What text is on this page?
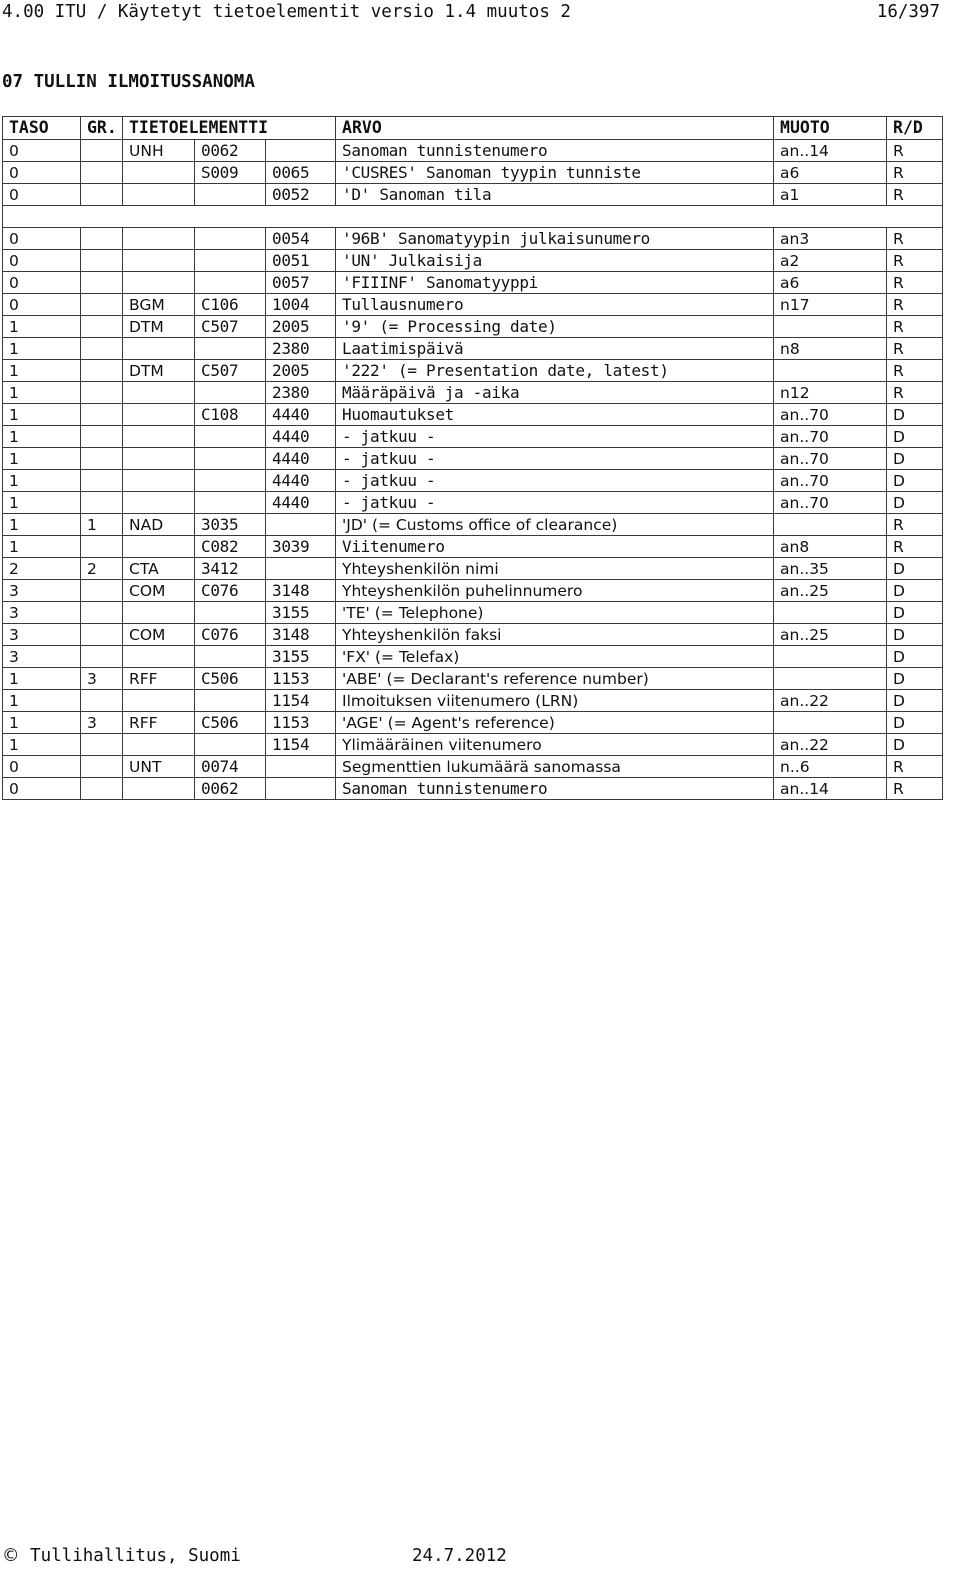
4.00 ITU / Käytetyt tietoelementit versio 1.4 muutos 2	16/397
07 TULLIN ILMOITUSSANOMA
TASO	GR.	TIETOELEMENTTI			ARVO	MUOTO	R/D
0		UNH	0062		Sanoman tunnistenumero	an..14	R
0			S009	0065	'CUSRES' Sanoman tyypin tunniste	a6	R
0				0052	'D' Sanoman tila	a1	R

0				0054	'96B' Sanomatyypin julkaisunumero	an3	R
0				0051	'UN' Julkaisija	a2	R
0				0057	'FIIINF' Sanomatyyppi	a6	R
0		BGM	C106	1004	Tullausnumero	n17	R
1		DTM	C507	2005	'9' (= Processing date)		R
1				2380	Laatimispäivä	n8	R
1		DTM	C507	2005	'222' (= Presentation date, latest)		R
1				2380	Määräpäivä ja -aika	n12	R
1			C108	4440	Huomautukset	an..70	D
1				4440	- jatkuu -	an..70	D
1				4440	- jatkuu -	an..70	D
1				4440	- jatkuu -	an..70	D
1				4440	- jatkuu -	an..70	D
1	1	NAD	3035		'JD' (= Customs office of clearance)		R
1			C082	3039	Viitenumero	an8	R
2	2	CTA	3412		Yhteyshenkilön nimi	an..35	D
3		COM	C076	3148	Yhteyshenkilön puhelinnumero	an..25	D
3				3155	'TE' (= Telephone)		D
3		COM	C076	3148	Yhteyshenkilön faksi	an..25	D
3				3155	'FX' (= Telefax)		D
1	3	RFF	C506	1153	'ABE' (= Declarant's reference number)		D
1				1154	Ilmoituksen viitenumero (LRN)	an..22	D
1	3	RFF	C506	1153	'AGE' (= Agent's reference)		D
1				1154	Ylimääräinen viitenumero	an..22	D
0		UNT	0074		Segmenttien lukumäärä sanomassa	n..6	R
0			0062		Sanoman tunnistenumero	an..14	R
© Tullihallitus, Suomi	24.7.2012
